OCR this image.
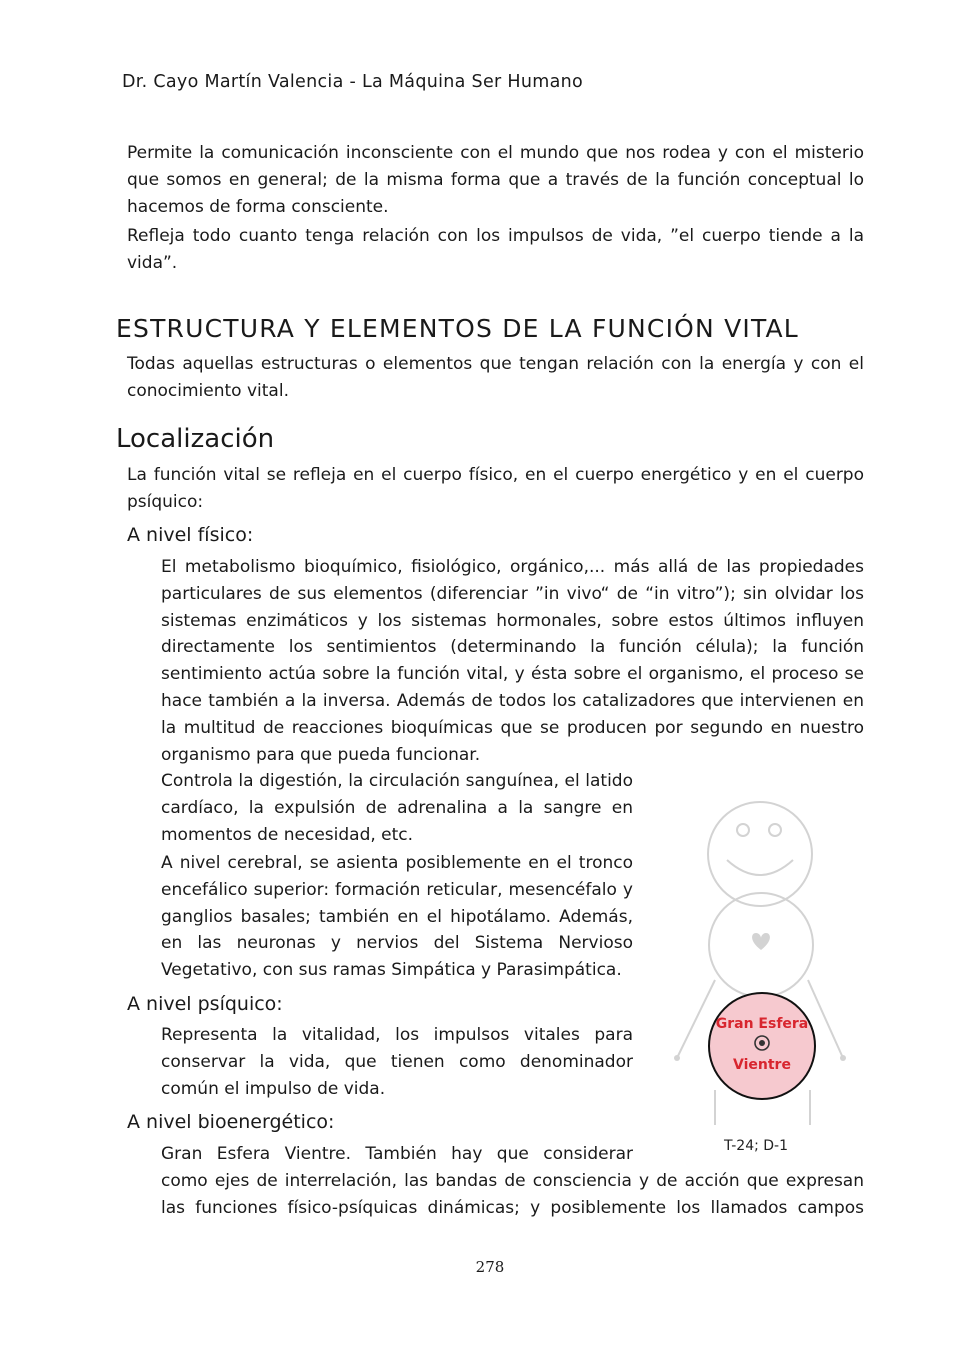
Dr. Cayo Martín Valencia - La Máquina Ser Humano

Permite la comunicación inconsciente con el mundo que nos rodea y con el misterio que somos en general; de la misma forma que a través de la función conceptual lo hacemos de forma consciente.

Refleja todo cuanto tenga relación con los impulsos de vida, ”el cuerpo tiende a la vida”.

ESTRUCTURA Y ELEMENTOS DE LA FUNCIÓN VITAL

Todas aquellas estructuras o elementos que tengan relación con la energía y con el conocimiento vital.

Localización

La función vital se refleja en el cuerpo físico, en el cuerpo energético y en el cuerpo psíquico:

A nivel físico:

El metabolismo bioquímico, fisiológico, orgánico,... más allá de las propiedades particulares de sus elementos (diferenciar ”in vivo“ de “in vitro”); sin olvidar los sistemas enzimáticos y los sistemas hormonales, sobre estos últimos influyen directamente los sentimientos (determinando la función célula); la función sentimiento actúa sobre la función vital, y ésta sobre el organismo, el proceso se hace también a la inversa. Además de todos los catalizadores que intervienen en la multitud de reacciones bioquímicas que se producen por segundo en nuestro organismo para que pueda funcionar.

Controla la digestión, la circulación sanguínea, el latido cardíaco, la expulsión de adrenalina a la sangre en momentos de necesidad, etc.

A nivel cerebral, se asienta posiblemente en el tronco encefálico superior: formación reticular, mesencéfalo y ganglios basales; también en el hipotálamo. Además, en las neuronas y nervios del Sistema Nervioso Vegetativo, con sus ramas Simpática y Parasimpática.

A nivel psíquico:

Representa la vitalidad, los impulsos vitales para conservar la vida, que tienen como denominador común el impulso de vida.

A nivel bioenergético:

Gran Esfera Vientre. También hay que considerar

como ejes de interrelación, las bandas de consciencia y de acción que expresan las funciones físico-psíquicas dinámicas; y posiblemente los llamados campos

Gran Esfera
Vientre
T-24; D-1
278
